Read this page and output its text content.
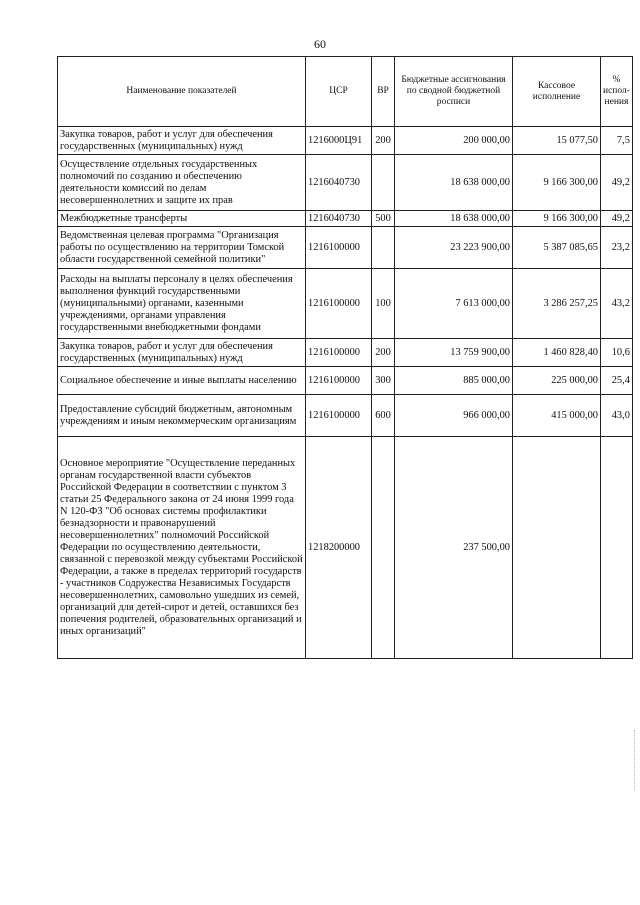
60
Наименование показателей	ЦСР	ВР	Бюджетные ассигнования по сводной бюджетной росписи	Кассовое исполнение	% испол-нения
Закупка товаров, работ и услуг для обеспечения государственных (муниципальных) нужд	1216000Ц91	200	200 000,00	15 077,50	7,5
Осуществление отдельных государственных полномочий по созданию и обеспечению деятельности комиссий по делам несовершеннолетних и защите их прав	1216040730		18 638 000,00	9 166 300,00	49,2
Межбюджетные трансферты	1216040730	500	18 638 000,00	9 166 300,00	49,2
Ведомственная целевая программа "Организация работы по осуществлению на территории Томской области государственной семейной политики"	1216100000		23 223 900,00	5 387 085,65	23,2
Расходы на выплаты персоналу в целях обеспечения выполнения функций государственными (муниципальными) органами, казенными учреждениями, органами управления государственными внебюджетными фондами	1216100000	100	7 613 000,00	3 286 257,25	43,2
Закупка товаров, работ и услуг для обеспечения государственных (муниципальных) нужд	1216100000	200	13 759 900,00	1 460 828,40	10,6
Социальное обеспечение и иные выплаты населению	1216100000	300	885 000,00	225 000,00	25,4
Предоставление субсидий бюджетным, автономным учреждениям и иным некоммерческим организациям	1216100000	600	966 000,00	415 000,00	43,0
Основное мероприятие "Осуществление переданных органам государственной власти субъектов Российской Федерации в соответствии с пунктом 3 статьи 25 Федерального закона от 24 июня 1999 года N 120-ФЗ "Об основах системы профилактики безнадзорности и правонарушений несовершеннолетних" полномочий Российской Федерации по осуществлению деятельности, связанной с перевозкой между субъектами Российской Федерации, а также в пределах территорий государств - участников Содружества Независимых Государств несовершеннолетних, самовольно ушедших из семей, организаций для детей-сирот и детей, оставшихся без попечения родителей, образовательных организаций и иных организаций"	1218200000		237 500,00		
